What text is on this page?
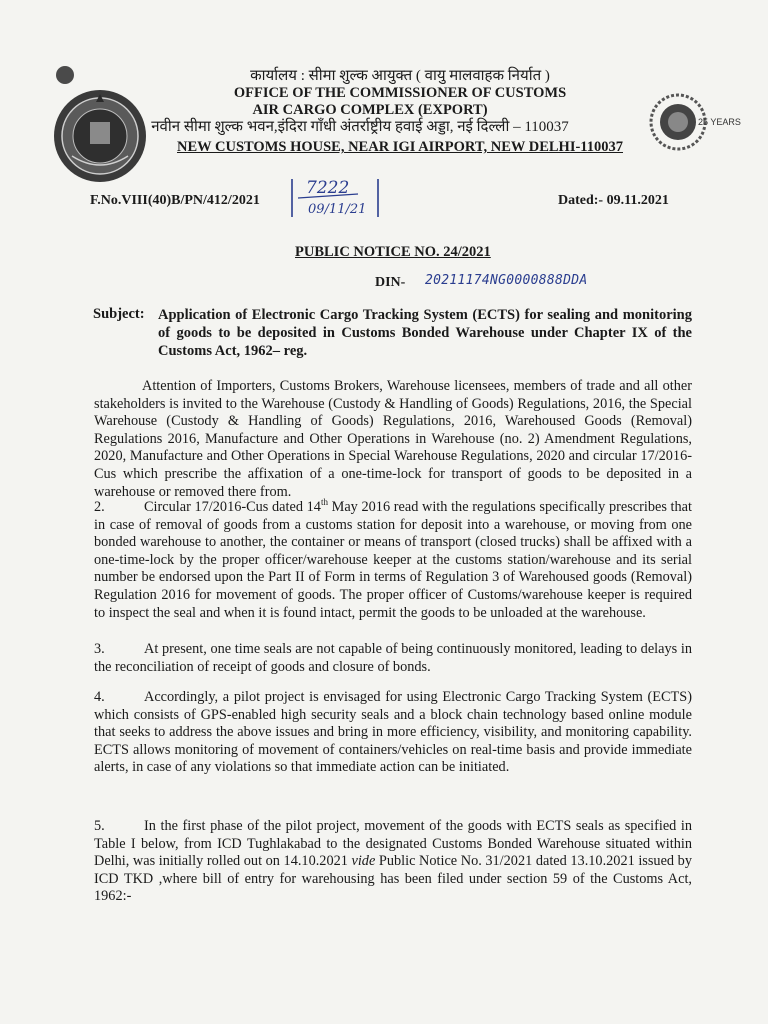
25 YEARS
कार्यालय : सीमा शुल्क आयुक्त ( वायु मालवाहक निर्यात )
OFFICE OF THE COMMISSIONER OF CUSTOMS
AIR CARGO COMPLEX (EXPORT)
नवीन सीमा शुल्क भवन,इंदिरा गाँधी अंतर्राष्ट्रीय हवाई अड्डा, नई दिल्ली – 110037
NEW CUSTOMS HOUSE, NEAR IGI AIRPORT, NEW DELHI-110037
F.No.VIII(40)B/PN/412/2021
7222
09/11/21
Dated:- 09.11.2021
PUBLIC NOTICE NO. 24/2021
DIN- 20211174NG0000888DDA
Subject: Application of Electronic Cargo Tracking System (ECTS) for sealing and monitoring of goods to be deposited in Customs Bonded Warehouse under Chapter IX of the Customs Act, 1962– reg.
Attention of Importers, Customs Brokers, Warehouse licensees, members of trade and all other stakeholders is invited to the Warehouse (Custody & Handling of Goods) Regulations, 2016, the Special Warehouse (Custody & Handling of Goods) Regulations, 2016, Warehoused Goods (Removal) Regulations 2016, Manufacture and Other Operations in Warehouse (no. 2) Amendment Regulations, 2020, Manufacture and Other Operations in Special Warehouse Regulations, 2020 and circular 17/2016-Cus which prescribe the affixation of a one-time-lock for transport of goods to be deposited in a warehouse or removed there from.
2.	Circular 17/2016-Cus dated 14th May 2016 read with the regulations specifically prescribes that in case of removal of goods from a customs station for deposit into a warehouse, or moving from one bonded warehouse to another, the container or means of transport (closed trucks) shall be affixed with a one-time-lock by the proper officer/warehouse keeper at the customs station/warehouse and its serial number be endorsed upon the Part II of Form in terms of Regulation 3 of Warehoused goods (Removal) Regulation 2016 for movement of goods. The proper officer of Customs/warehouse keeper is required to inspect the seal and when it is found intact, permit the goods to be unloaded at the warehouse.
3.	At present, one time seals are not capable of being continuously monitored, leading to delays in the reconciliation of receipt of goods and closure of bonds.
4.	Accordingly, a pilot project is envisaged for using Electronic Cargo Tracking System (ECTS) which consists of GPS-enabled high security seals and a block chain technology based online module that seeks to address the above issues and bring in more efficiency, visibility, and monitoring capability. ECTS allows monitoring of movement of containers/vehicles on real-time basis and provide immediate alerts, in case of any violations so that immediate action can be initiated.
5.	In the first phase of the pilot project, movement of the goods with ECTS seals as specified in Table I below, from ICD Tughlakabad to the designated Customs Bonded Warehouse situated within Delhi, was initially rolled out on 14.10.2021 vide Public Notice No. 31/2021 dated 13.10.2021 issued by ICD TKD ,where bill of entry for warehousing has been filed under section 59 of the Customs Act, 1962:-
